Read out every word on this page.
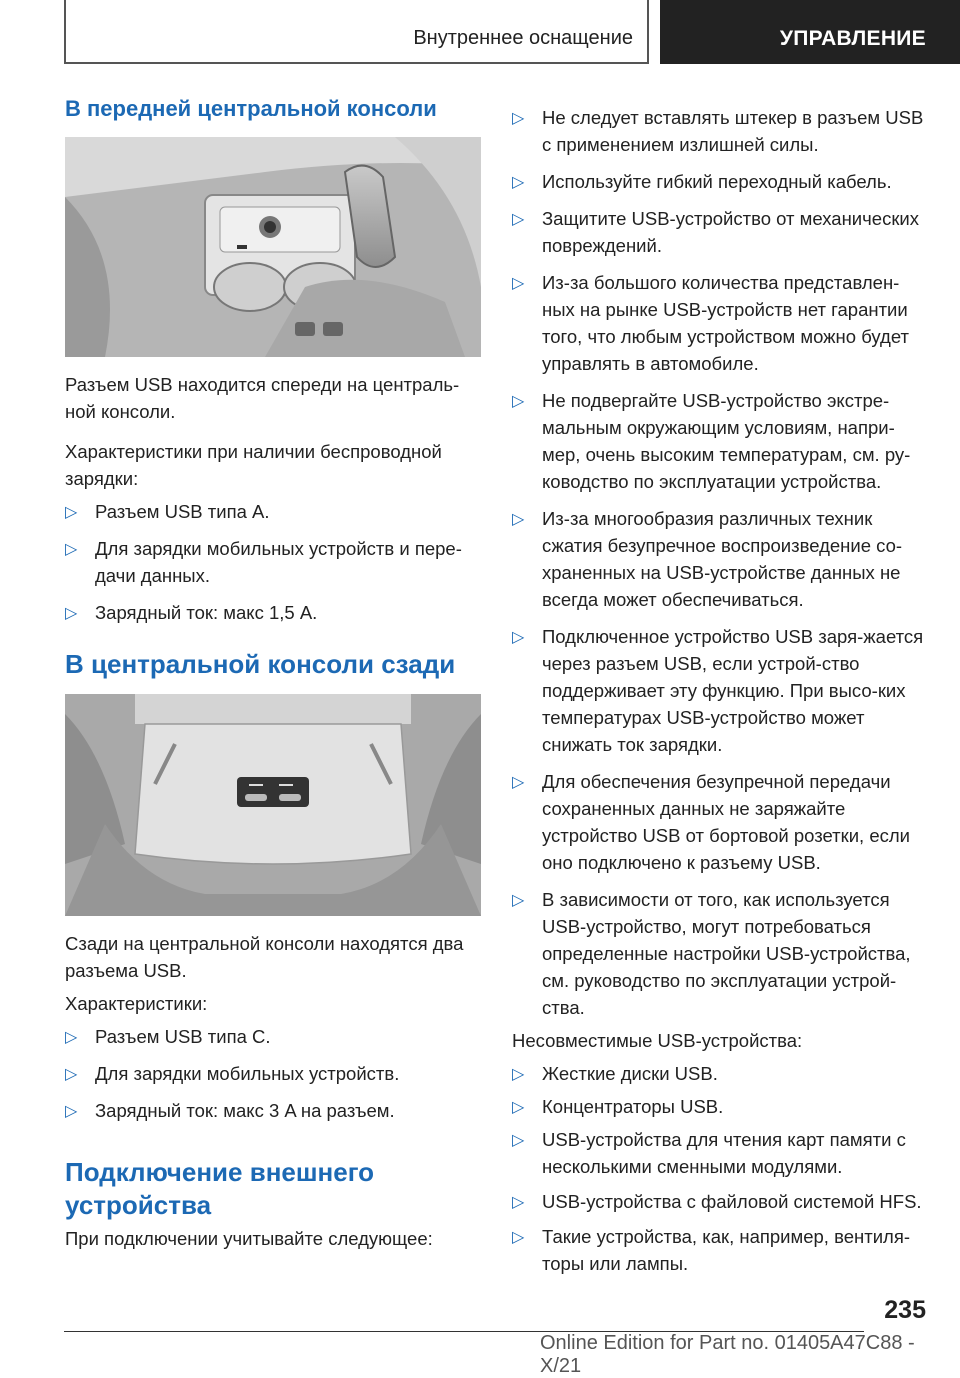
Внутреннее оснащение	УПРАВЛЕНИЕ
В передней центральной консоли

Разъем USB находится спереди на централь‐ной консоли.

Характеристики при наличии беспроводной зарядки:

▷ Разъем USB типа A.
▷ Для зарядки мобильных устройств и пере‐дачи данных.
▷ Зарядный ток: макс 1,5 A.
В центральной консоли сзади

Сзади на центральной консоли находятся два разъема USB.

Характеристики:

▷ Разъем USB типа C.
▷ Для зарядки мобильных устройств.
▷ Зарядный ток: макс 3 A на разъем.
Подключение внешнего устройства

При подключении учитывайте следующее:

▷ Не следует вставлять штекер в разъем USB с применением излишней силы.
▷ Используйте гибкий переходный кабель.
▷ Защитите USB-устройство от механических повреждений.
▷ Из-за большого количества представлен‐ных на рынке USB-устройств нет гарантии того, что любым устройством можно будет управлять в автомобиле.
▷ Не подвергайте USB-устройство экстре‐мальным окружающим условиям, напри‐мер, очень высоким температурам, см. ру‐ководство по эксплуатации устройства.
▷ Из-за многообразия различных техник сжатия безупречное воспроизведение со‐храненных на USB-устройстве данных не всегда может обеспечиваться.
▷ Подключенное устройство USB заря‐жается через разъем USB, если устрой‐ство поддерживает эту функцию. При высо‐ких температурах USB-устройство может снижать ток зарядки.
▷ Для обеспечения безупречной передачи сохраненных данных не заряжайте устройство USB от бортовой розетки, если оно подключено к разъему USB.
▷ В зависимости от того, как используется USB-устройство, могут потребоваться определенные настройки USB-устройства, см. руководство по эксплуатации устрой‐ства.

Несовместимые USB-устройства:

▷ Жесткие диски USB.
▷ Концентраторы USB.
▷ USB-устройства для чтения карт памяти с несколькими сменными модулями.
▷ USB-устройства с файловой системой HFS.
▷ Такие устройства, как, например, вентиля‐торы или лампы.
235
Online Edition for Part no. 01405A47C88 - X/21
